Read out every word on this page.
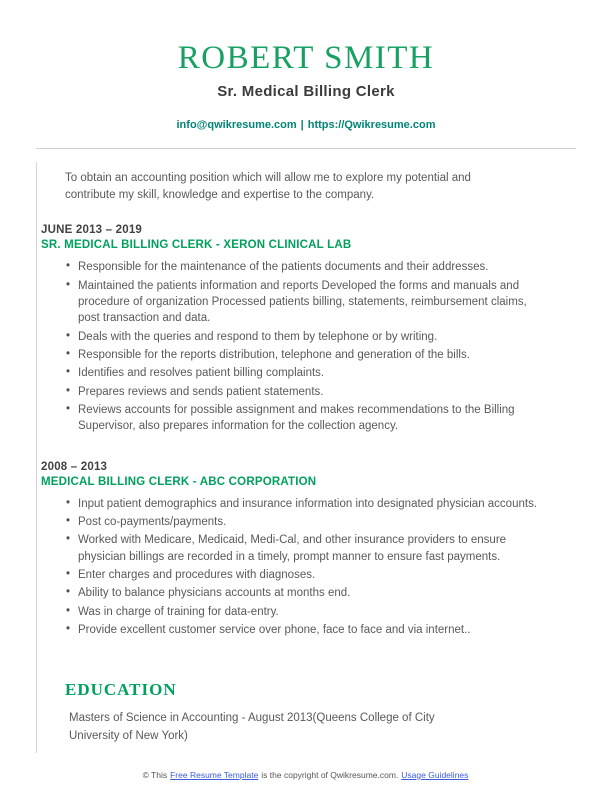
ROBERT SMITH
Sr. Medical Billing Clerk
info@qwikresume.com | https://Qwikresume.com

To obtain an accounting position which will allow me to explore my potential and contribute my skill, knowledge and expertise to the company.

JUNE 2013 – 2019
SR. MEDICAL BILLING CLERK - XERON CLINICAL LAB
• Responsible for the maintenance of the patients documents and their addresses.
• Maintained the patients information and reports Developed the forms and manuals and procedure of organization Processed patients billing, statements, reimbursement claims, post transaction and data.
• Deals with the queries and respond to them by telephone or by writing.
• Responsible for the reports distribution, telephone and generation of the bills.
• Identifies and resolves patient billing complaints.
• Prepares reviews and sends patient statements.
• Reviews accounts for possible assignment and makes recommendations to the Billing Supervisor, also prepares information for the collection agency.
2008 – 2013
MEDICAL BILLING CLERK - ABC CORPORATION
• Input patient demographics and insurance information into designated physician accounts.
• Post co-payments/payments.
• Worked with Medicare, Medicaid, Medi-Cal, and other insurance providers to ensure physician billings are recorded in a timely, prompt manner to ensure fast payments.
• Enter charges and procedures with diagnoses.
• Ability to balance physicians accounts at months end.
• Was in charge of training for data-entry.
• Provide excellent customer service over phone, face to face and via internet..
EDUCATION

Masters of Science in Accounting - August 2013(Queens College of City University of New York)

© This Free Resume Template is the copyright of Qwikresume.com. Usage Guidelines
